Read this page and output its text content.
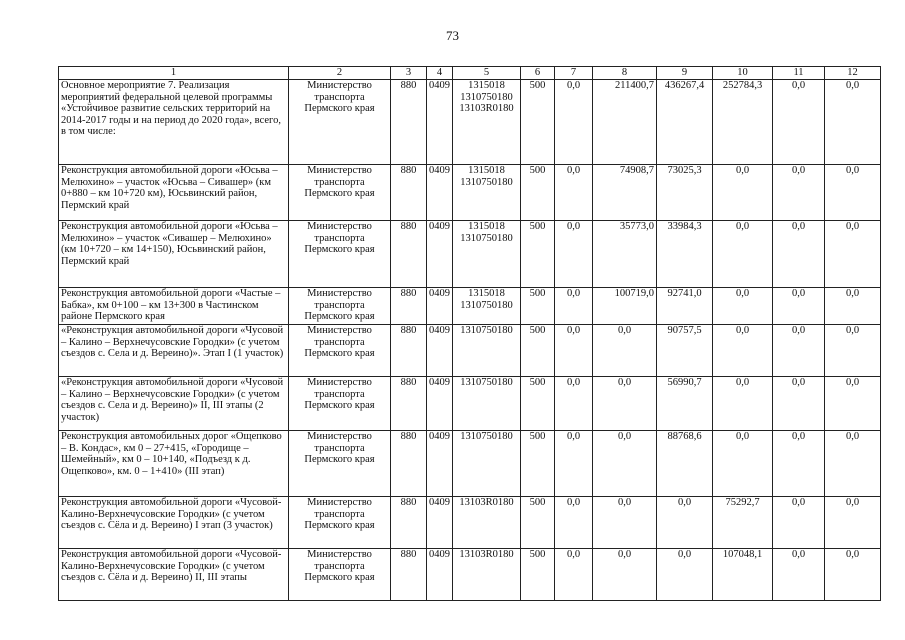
73
1	2	3	4	5	6	7	8	9	10	11	12
Основное мероприятие 7. Реализация мероприятий федеральной целевой программы «Устойчивое развитие сельских территорий на 2014-2017 годы и на период до 2020 года», всего, в том числе:	Министерство транспорта Пермского края	880	0409	1315018
1310750180
13103R0180	500	0,0	211400,7	436267,4	252784,3	0,0	0,0
Реконструкция автомобильной дороги «Юсьва – Мелюхино» – участок «Юсьва – Сивашер» (км 0+880 – км 10+720 км), Юсьвинский район, Пермский край	Министерство транспорта Пермского края	880	0409	1315018
1310750180	500	0,0	74908,7	73025,3	0,0	0,0	0,0
Реконструкция автомобильной дороги «Юсьва – Мелюхино» – участок «Сивашер – Мелюхино» (км 10+720 – км 14+150), Юсьвинский район, Пермский край	Министерство транспорта Пермского края	880	0409	1315018
1310750180	500	0,0	35773,0	33984,3	0,0	0,0	0,0
Реконструкция автомобильной дороги «Частые – Бабка», км 0+100 – км 13+300 в Частинском районе Пермского края	Министерство транспорта Пермского края	880	0409	1315018
1310750180	500	0,0	100719,0	92741,0	0,0	0,0	0,0
«Реконструкция автомобильной дороги «Чусовой – Калино – Верхнечусовские Городки» (с учетом съездов с. Села и д. Вереино)». Этап I (1 участок)	Министерство транспорта Пермского края	880	0409	1310750180	500	0,0	0,0	90757,5	0,0	0,0	0,0
«Реконструкция автомобильной дороги «Чусовой – Калино – Верхнечусовские Городки» (с учетом съездов с. Села и д. Вереино)» II, III этапы (2 участок)	Министерство транспорта Пермского края	880	0409	1310750180	500	0,0	0,0	56990,7	0,0	0,0	0,0
Реконструкция автомобильных дорог «Ощепково – В. Кондас», км 0 – 27+415, «Городище – Шемейный», км 0 – 10+140, «Подъезд к д. Ощепково», км. 0 – 1+410» (III этап)	Министерство транспорта Пермского края	880	0409	1310750180	500	0,0	0,0	88768,6	0,0	0,0	0,0
Реконструкция автомобильной дороги «Чусовой-Калино-Верхнечусовские Городки» (с учетом съездов с. Сёла и д. Вереино) I этап (3 участок)	Министерство транспорта Пермского края	880	0409	13103R0180	500	0,0	0,0	0,0	75292,7	0,0	0,0
Реконструкция автомобильной дороги «Чусовой-Калино-Верхнечусовские Городки» (с учетом съездов с. Сёла и д. Вереино) II, III этапы	Министерство транспорта Пермского края	880	0409	13103R0180	500	0,0	0,0	0,0	107048,1	0,0	0,0
